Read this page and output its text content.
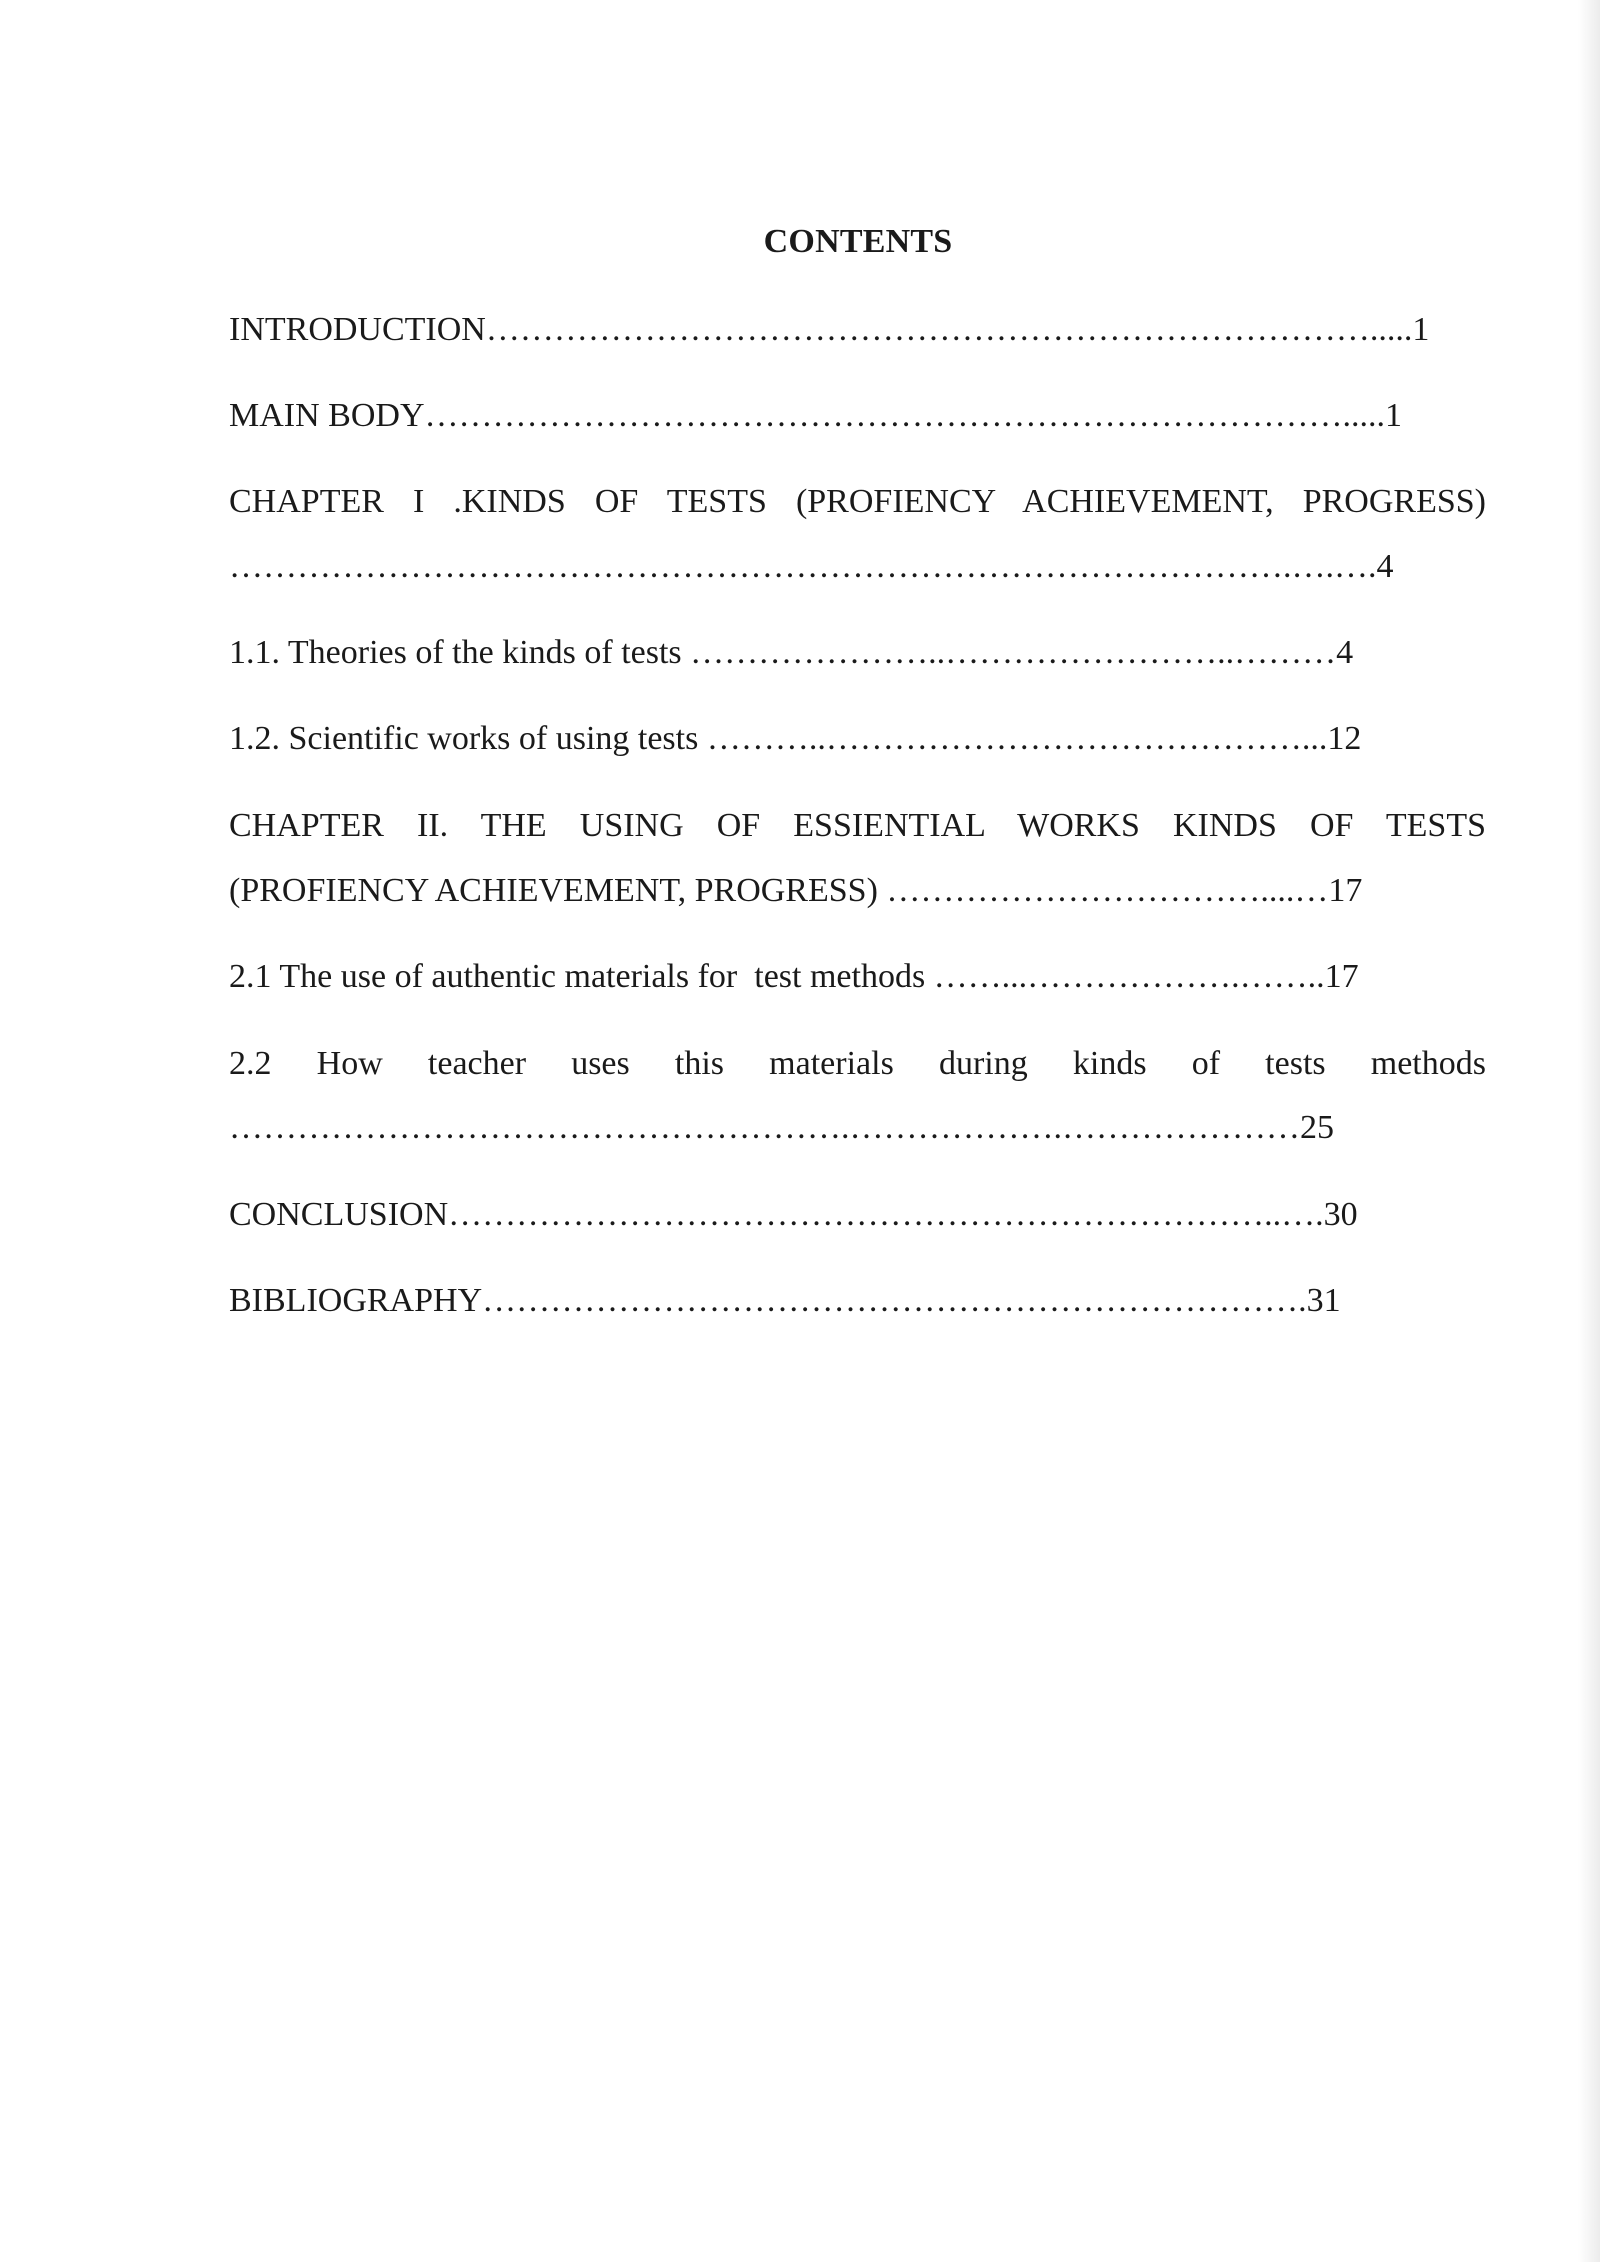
CONTENTS
INTRODUCTION…………………………………………………………………….....1
MAIN BODY……………………………………………………………………….....1
CHAPTER I .KINDS OF TESTS (PROFIENCY ACHIEVEMENT, PROGRESS)
………………………………………………………………………………….….….4
1.1. Theories of the kinds of tests …………………..……………………..………4
1.2. Scientific works of using tests ………..……………………………………...12
CHAPTER II. THE USING OF ESSIENTIAL WORKS KINDS OF TESTS
(PROFIENCY ACHIEVEMENT, PROGRESS) ……………………………....…17
2.1 The use of authentic materials for  test methods ……...……………….……..17
2.2 How teacher uses this materials during kinds of tests methods
……………………………………………….……………….…………………25
CONCLUSION………………………………………………………………..….30
BIBLIOGRAPHY……………………………………………………………….31
